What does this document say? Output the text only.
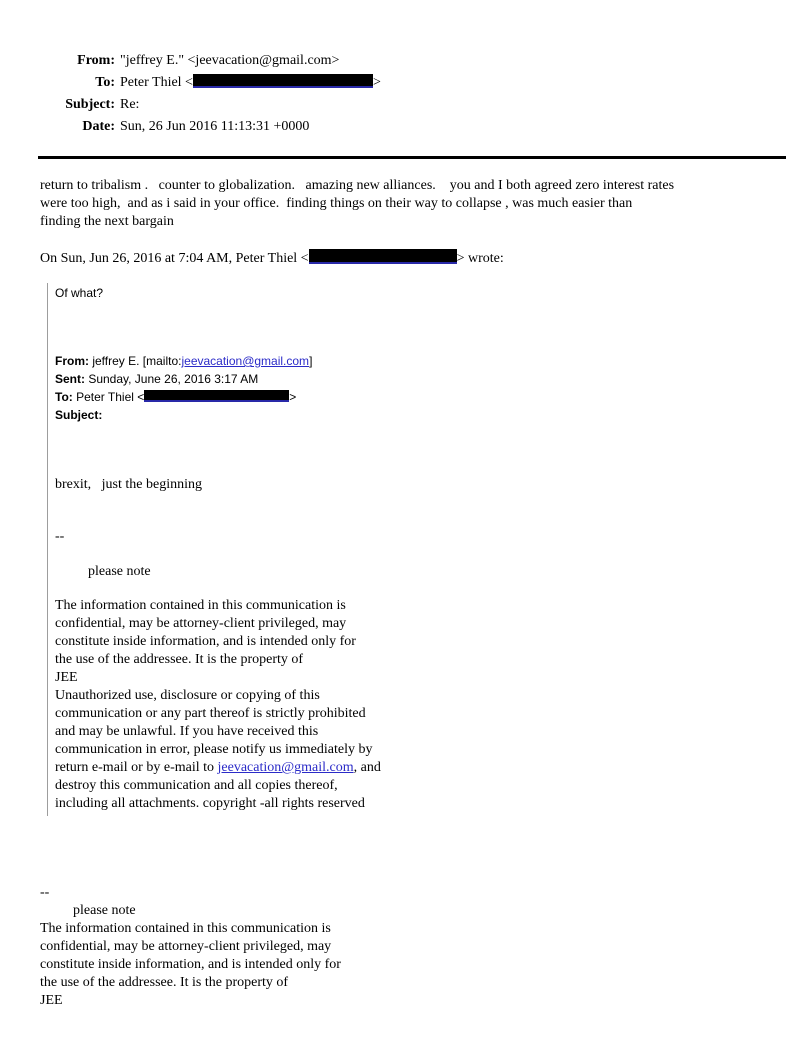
From: "jeffrey E." <jeevacation@gmail.com>
To: Peter Thiel <	>
Subject: Re:
Date: Sun, 26 Jun 2016 11:13:31 +0000
return to tribalism .   counter to globalization.   amazing new alliances.    you and I both agreed zero interest rates
were too high,  and as i said in your office.  finding things on their way to collapse , was much easier than
finding the next bargain
On Sun, Jun 26, 2016 at 7:04 AM, Peter Thiel <	> wrote:
Of what?
From: jeffrey E. [mailto:jeevacation@gmail.com]
Sent: Sunday, June 26, 2016 3:17 AM
To: Peter Thiel <	>
Subject:
brexit,   just the beginning
--
please note
The information contained in this communication is
confidential, may be attorney-client privileged, may
constitute inside information, and is intended only for
the use of the addressee. It is the property of
JEE
Unauthorized use, disclosure or copying of this
communication or any part thereof is strictly prohibited
and may be unlawful. If you have received this
communication in error, please notify us immediately by
return e-mail or by e-mail to jeevacation@gmail.com, and
destroy this communication and all copies thereof,
including all attachments. copyright -all rights reserved
--
please note
The information contained in this communication is
confidential, may be attorney-client privileged, may
constitute inside information, and is intended only for
the use of the addressee. It is the property of
JEE
